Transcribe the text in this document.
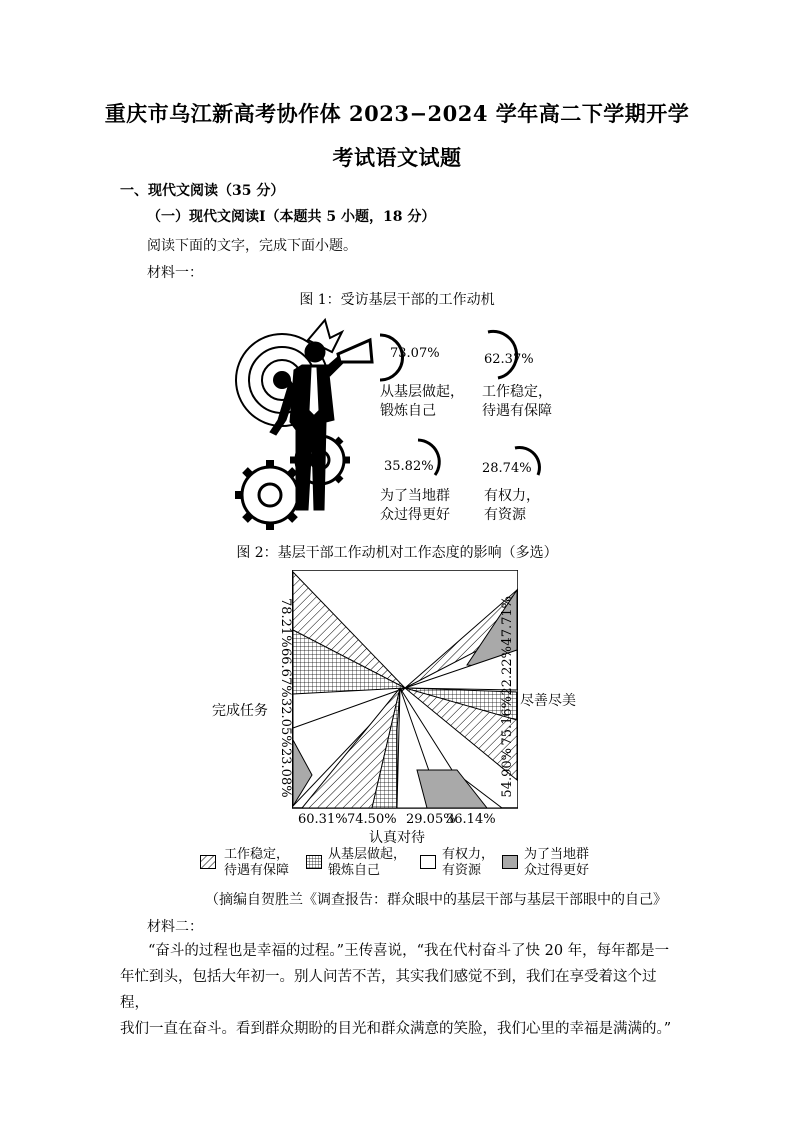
重庆市乌江新高考协作体 2023−2024 学年高二下学期开学
考试语文试题
一、现代文阅读（35 分）
（一）现代文阅读Ⅰ（本题共 5 小题，18 分）
阅读下面的文字，完成下面小题。
材料一：
图 1：受访基层干部的工作动机
73.07%	62.37%
从基层做起，
锻炼自己
工作稳定，
待遇有保障
35.82%	28.74%
为了当地群
众过得更好
有权力，
有资源
图 2：基层干部工作动机对工作态度的影响（多选）
78.21%
66.67%
32.05%
23.08%
47.71%
22.22%
75.16%
54.90%
完成任务
尽善尽美
60.31% 74.50% 29.05%
36.14%
认真对待
工作稳定，
待遇有保障
从基层做起，
锻炼自己
有权力，
有资源
为了当地群
众过得更好
（摘编自贺胜兰《调查报告：群众眼中的基层干部与基层干部眼中的自己》
材料二：
“奋斗的过程也是幸福的过程。”王传喜说，“我在代村奋斗了快 20 年，每年都是一
年忙到头，包括大年初一。别人问苦不苦，其实我们感觉不到，我们在享受着这个过程，
我们一直在奋斗。看到群众期盼的目光和群众满意的笑脸，我们心里的幸福是满满的。”
